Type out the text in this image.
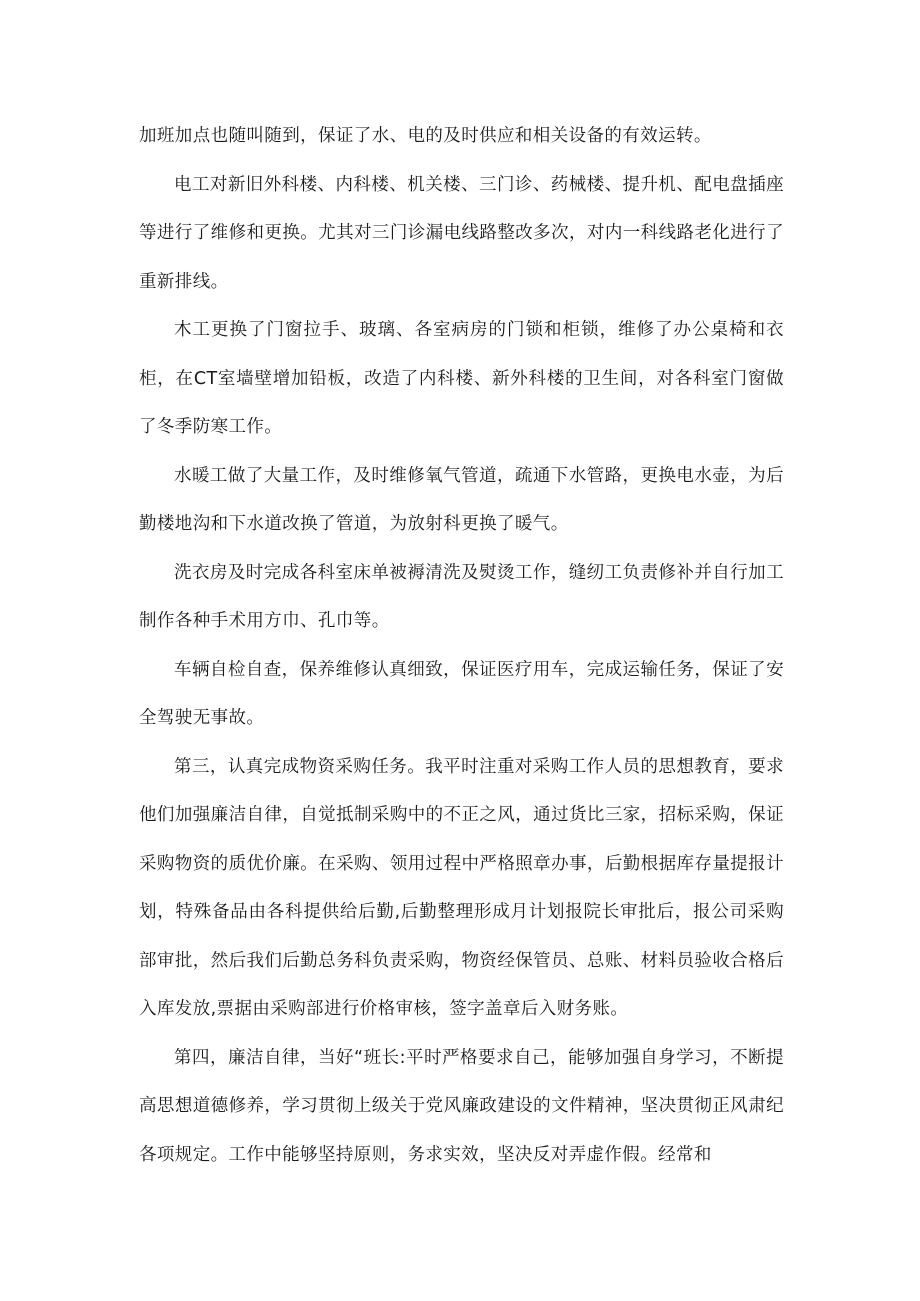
加班加点也随叫随到，保证了水、电的及时供应和相关设备的有效运转。

电工对新旧外科楼、内科楼、机关楼、三门诊、药械楼、提升机、配电盘插座等进行了维修和更换。尤其对三门诊漏电线路整改多次，对内一科线路老化进行了重新排线。

木工更换了门窗拉手、玻璃、各室病房的门锁和柜锁，维修了办公桌椅和衣柜，在CT室墙壁增加铅板，改造了内科楼、新外科楼的卫生间，对各科室门窗做了冬季防寒工作。

水暖工做了大量工作，及时维修氧气管道，疏通下水管路，更换电水壶，为后勤楼地沟和下水道改换了管道，为放射科更换了暖气。

洗衣房及时完成各科室床单被褥清洗及熨烫工作，缝纫工负责修补并自行加工制作各种手术用方巾、孔巾等。

车辆自检自查，保养维修认真细致，保证医疗用车，完成运输任务，保证了安全驾驶无事故。

第三，认真完成物资采购任务。我平时注重对采购工作人员的思想教育，要求他们加强廉洁自律，自觉抵制采购中的不正之风，通过货比三家，招标采购，保证采购物资的质优价廉。在采购、领用过程中严格照章办事，后勤根据库存量提报计划，特殊备品由各科提供给后勤,后勤整理形成月计划报院长审批后，报公司采购部审批，然后我们后勤总务科负责采购，物资经保管员、总账、材料员验收合格后入库发放,票据由采购部进行价格审核，签字盖章后入财务账。

第四，廉洁自律，当好“班长:平时严格要求自己，能够加强自身学习，不断提高思想道德修养，学习贯彻上级关于党风廉政建设的文件精神，坚决贯彻正风肃纪各项规定。工作中能够坚持原则，务求实效，坚决反对弄虚作假。经常和
